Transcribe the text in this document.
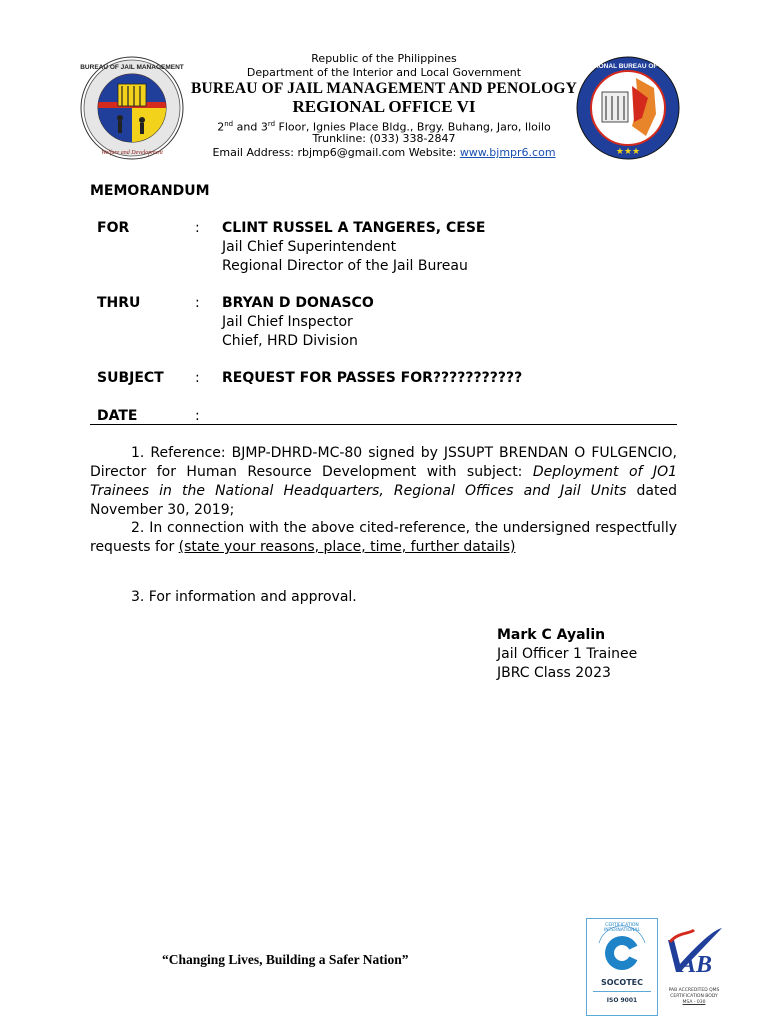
BUREAU OF JAIL MANAGEMENT
Welfare and Development
REGIONAL BUREAU OF JAIL
★★★
Republic of the Philippines
Department of the Interior and Local Government
BUREAU OF JAIL MANAGEMENT AND PENOLOGY
REGIONAL OFFICE VI
2nd and 3rd Floor, Ignies Place Bldg., Brgy. Buhang, Jaro, Iloilo
Trunkline: (033) 338-2847
Email Address: rbjmp6@gmail.com Website: www.bjmpr6.com
MEMORANDUM
FOR	: CLINT RUSSEL A TANGERES, CESE
Jail Chief Superintendent
Regional Director of the Jail Bureau
THRU	: BRYAN D DONASCO
Jail Chief Inspector
Chief, HRD Division
SUBJECT : REQUEST FOR PASSES FOR???????????
DATE	:
1. Reference: BJMP-DHRD-MC-80 signed by JSSUPT BRENDAN O FULGENCIO, Director for Human Resource Development with subject: Deployment of JO1 Trainees in the National Headquarters, Regional Offices and Jail Units dated November 30, 2019;
2. In connection with the above cited-reference, the undersigned respectfully requests for (state your reasons, place, time, further datails)
3. For information and approval.
Mark C Ayalin
Jail Officer 1 Trainee
JBRC Class 2023
“Changing Lives, Building a Safer Nation”
CERTIFICATION INTERNATIONAL
SOCOTEC
ISO 9001
AB
PAB ACCREDITED QMS
CERTIFICATION BODY
MSA - 030
